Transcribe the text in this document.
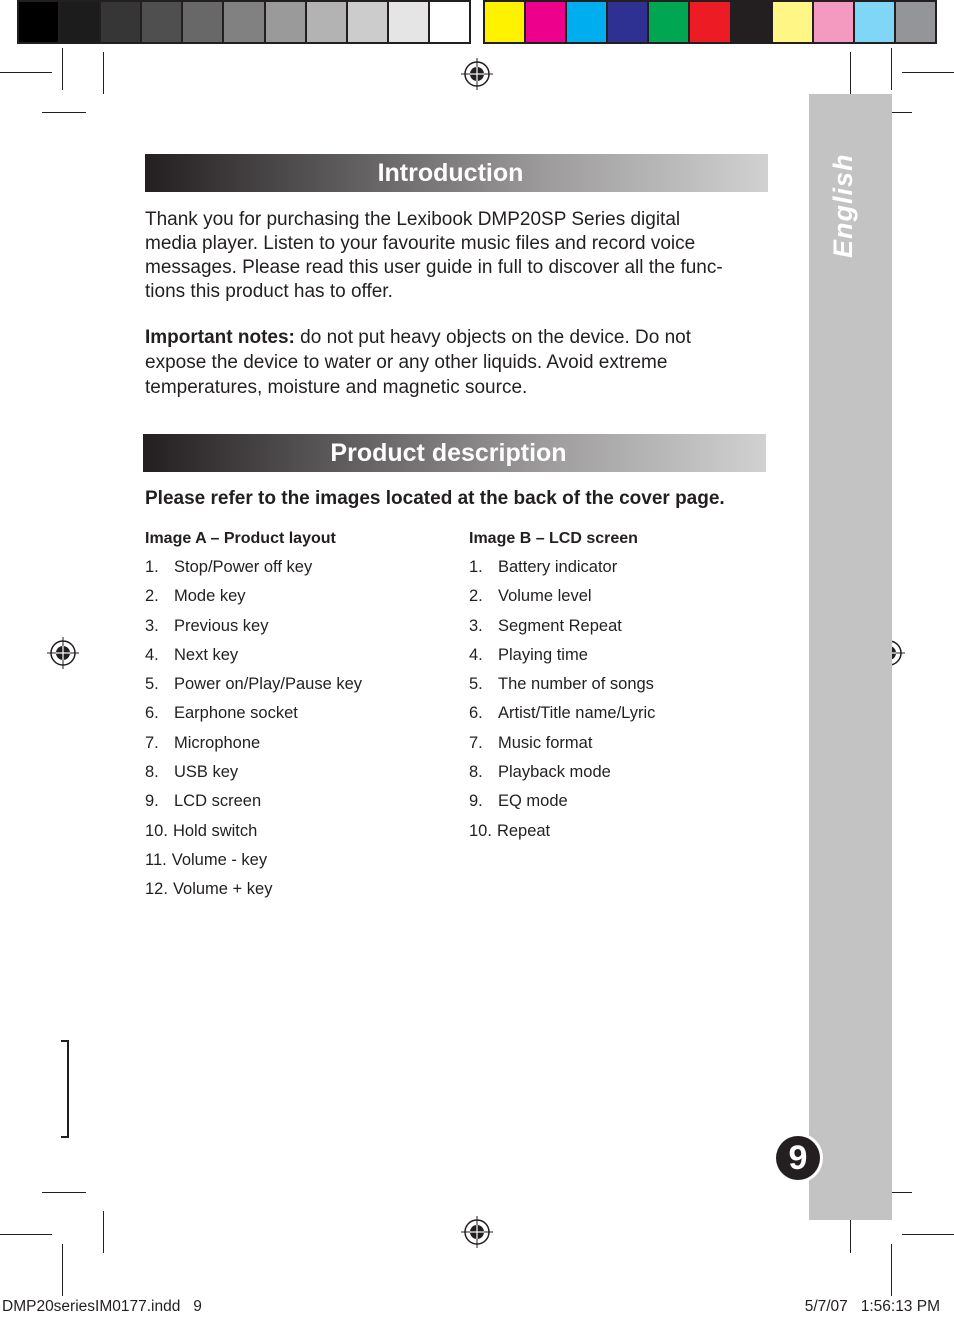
English
9
Introduction
Thank you for purchasing the Lexibook DMP20SP Series digital
media player. Listen to your favourite music files and record voice
messages. Please read this user guide in full to discover all the func-
tions this product has to offer.
Important notes: do not put heavy objects on the device. Do not
expose the device to water or any other liquids. Avoid extreme
temperatures, moisture and magnetic source.
Product description
Please refer to the images located at the back of the cover page.
Image A – Product layout
1. Stop/Power off key
2. Mode key
3. Previous key
4. Next key
5. Power on/Play/Pause key
6. Earphone socket
7. Microphone
8. USB key
9. LCD screen
10. Hold switch
11. Volume - key
12. Volume + key
Image B – LCD screen
1. Battery indicator
2. Volume level
3. Segment Repeat
4. Playing time
5. The number of songs
6. Artist/Title name/Lyric
7. Music format
8. Playback mode
9. EQ mode
10. Repeat
DMP20seriesIM0177.indd   9	5/7/07   1:56:13 PM
